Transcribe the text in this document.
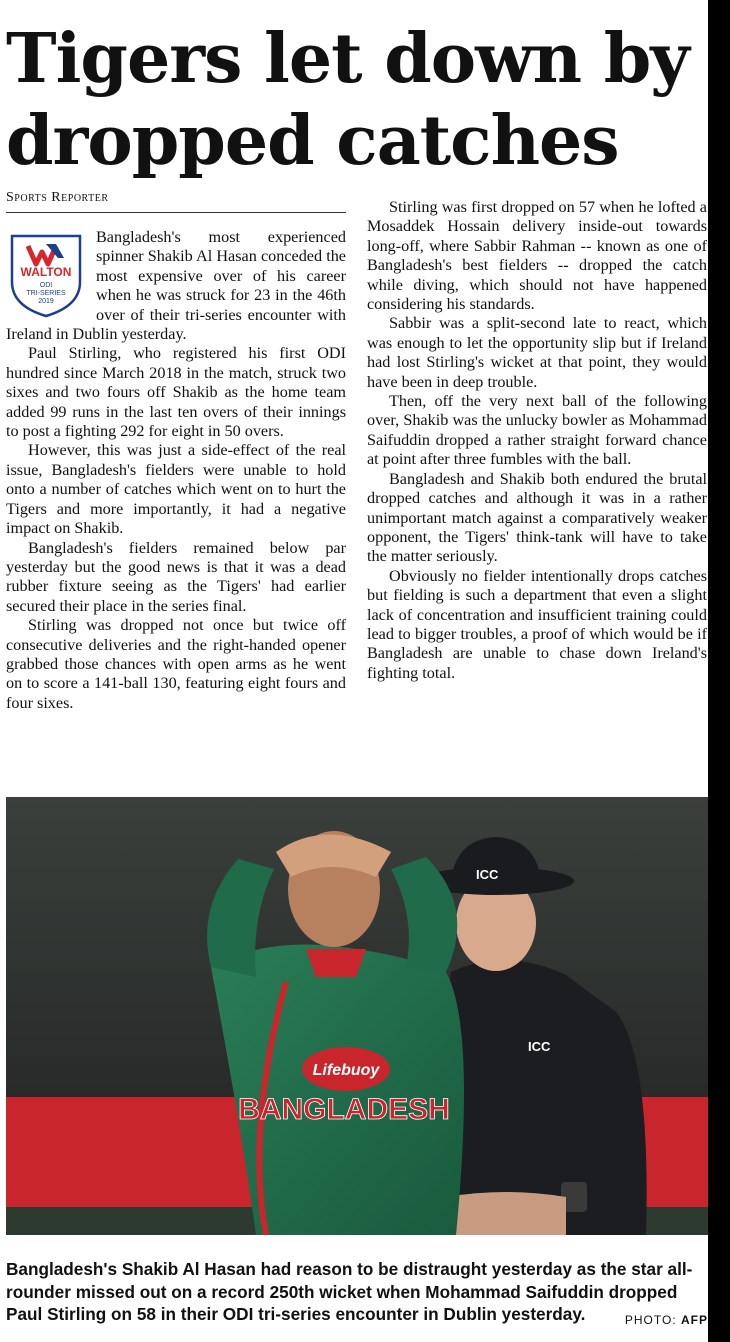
Tigers let down by dropped catches
Sports Reporter
WALTON
ODI
TRI-SERIES
2019

Bangladesh's most experienced spinner Shakib Al Hasan conceded the most expensive over of his career when he was struck for 23 in the 46th over of their tri-series encounter with Ireland in Dublin yesterday.

Paul Stirling, who registered his first ODI hundred since March 2018 in the match, struck two sixes and two fours off Shakib as the home team added 99 runs in the last ten overs of their innings to post a fighting 292 for eight in 50 overs.

However, this was just a side-effect of the real issue, Bangladesh's fielders were unable to hold onto a number of catches which went on to hurt the Tigers and more importantly, it had a negative impact on Shakib.

Bangladesh's fielders remained below par yesterday but the good news is that it was a dead rubber fixture seeing as the Tigers' had earlier secured their place in the series final.

Stirling was dropped not once but twice off consecutive deliveries and the right-handed opener grabbed those chances with open arms as he went on to score a 141-ball 130, featuring eight fours and four sixes.

Stirling was first dropped on 57 when he lofted a Mosaddek Hossain delivery inside-out towards long-off, where Sabbir Rahman -- known as one of Bangladesh's best fielders -- dropped the catch while diving, which should not have happened considering his standards.

Sabbir was a split-second late to react, which was enough to let the opportunity slip but if Ireland had lost Stirling's wicket at that point, they would have been in deep trouble.

Then, off the very next ball of the following over, Shakib was the unlucky bowler as Mohammad Saifuddin dropped a rather straight forward chance at point after three fumbles with the ball.

Bangladesh and Shakib both endured the brutal dropped catches and although it was in a rather unimportant match against a comparatively weaker opponent, the Tigers' think-tank will have to take the matter seriously.

Obviously no fielder intentionally drops catches but fielding is such a department that even a slight lack of concentration and insufficient training could lead to bigger troubles, a proof of which would be if Bangladesh are unable to chase down Ireland's fighting total.

ICC
ICC
Lifebuoy
BANGLADESH
Bangladesh's Shakib Al Hasan had reason to be distraught yesterday as the star all-rounder missed out on a record 250th wicket when Mohammad Saifuddin dropped Paul Stirling on 58 in their ODI tri-series encounter in Dublin yesterday.	PHOTO: AFP
